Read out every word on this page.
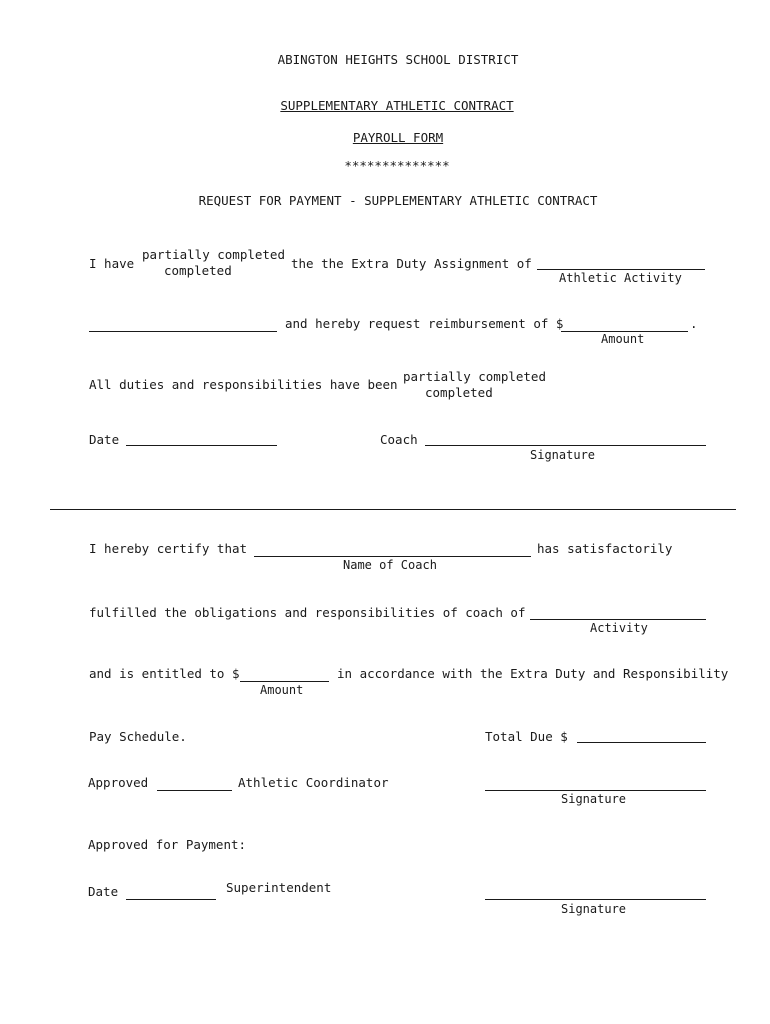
ABINGTON HEIGHTS SCHOOL DISTRICT
SUPPLEMENTARY ATHLETIC CONTRACT
PAYROLL FORM
**************
REQUEST FOR PAYMENT - SUPPLEMENTARY ATHLETIC CONTRACT
I have
partially completed
completed	the the Extra Duty Assignment of
Athletic Activity
and hereby request reimbursement of $	.
Amount
All duties and responsibilities have been
partially completed
completed
Date	Coach
Signature
I hereby certify that	has satisfactorily
Name of Coach
fulfilled the obligations and responsibilities of coach of
Activity
and is entitled to $	in accordance with the Extra Duty and Responsibility
Amount
Pay Schedule.	Total Due $
Approved	Athletic Coordinator
Signature
Approved for Payment:
Date	Superintendent
Signature
